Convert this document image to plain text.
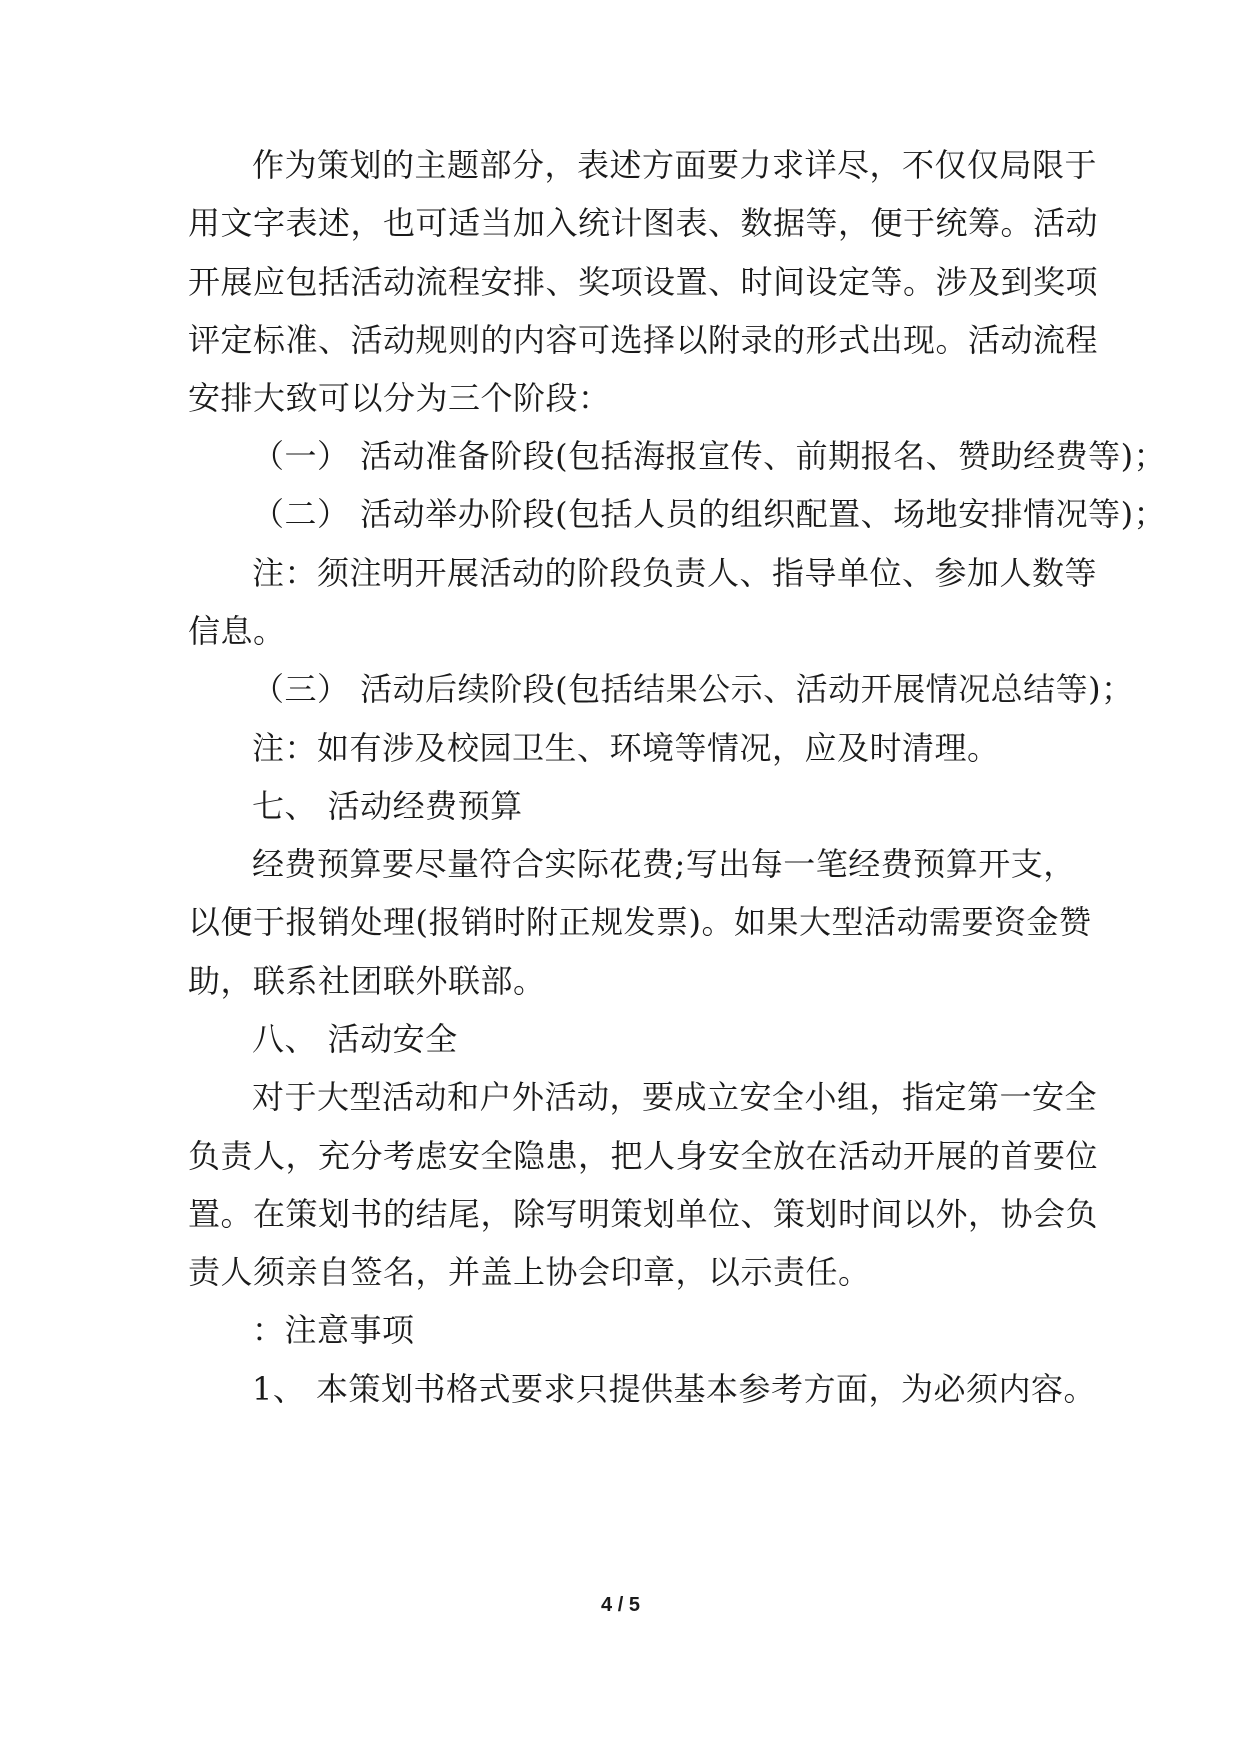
作为策划的主题部分，表述方面要力求详尽，不仅仅局限于
用文字表述，也可适当加入统计图表、数据等，便于统筹。活动
开展应包括活动流程安排、奖项设置、时间设定等。涉及到奖项
评定标准、活动规则的内容可选择以附录的形式出现。活动流程
安排大致可以分为三个阶段：
（一） 活动准备阶段(包括海报宣传、前期报名、赞助经费等)；
（二） 活动举办阶段(包括人员的组织配置、场地安排情况等)；
注：须注明开展活动的阶段负责人、指导单位、参加人数等
信息。
（三） 活动后续阶段(包括结果公示、活动开展情况总结等)；
注：如有涉及校园卫生、环境等情况，应及时清理。
七、 活动经费预算
经费预算要尽量符合实际花费;写出每一笔经费预算开支，
以便于报销处理(报销时附正规发票)。如果大型活动需要资金赞
助，联系社团联外联部。
八、 活动安全
对于大型活动和户外活动，要成立安全小组，指定第一安全
负责人，充分考虑安全隐患，把人身安全放在活动开展的首要位
置。在策划书的结尾，除写明策划单位、策划时间以外，协会负
责人须亲自签名，并盖上协会印章，以示责任。
：注意事项
1、 本策划书格式要求只提供基本参考方面，为必须内容。
4 / 5
